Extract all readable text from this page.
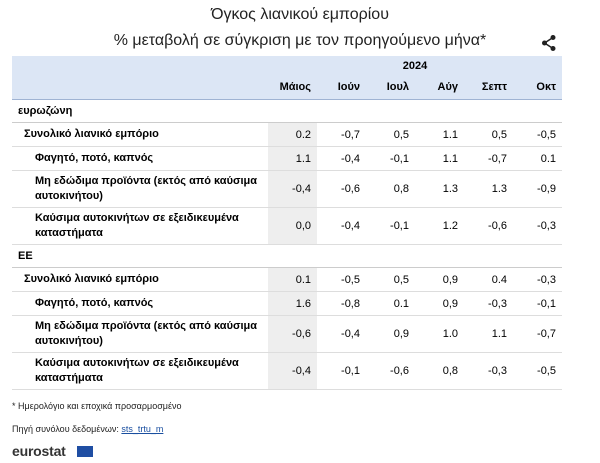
Όγκος λιανικού εμπορίου
% μεταβολή σε σύγκριση με τον προηγούμενο μήνα*
	2024					
	Μάιος	Ιούν	Ιουλ	Αύγ	Σεπτ	Οκτ
ευρωζώνη						
Συνολικό λιανικό εμπόριο	0.2	-0,7	0,5	1.1	0,5	-0,5
Φαγητό, ποτό, καπνός	1.1	-0,4	-0,1	1.1	-0,7	0.1
Μη εδώδιμα προϊόντα (εκτός από καύσιμα αυτοκινήτου)	-0,4	-0,6	0,8	1.3	1.3	-0,9
Καύσιμα αυτοκινήτων σε εξειδικευμένα καταστήματα	0,0	-0,4	-0,1	1.2	-0,6	-0,3
ΕΕ						
Συνολικό λιανικό εμπόριο	0.1	-0,5	0,5	0,9	0.4	-0,3
Φαγητό, ποτό, καπνός	1.6	-0,8	0.1	0,9	-0,3	-0,1
Μη εδώδιμα προϊόντα (εκτός από καύσιμα αυτοκινήτου)	-0,6	-0,4	0,9	1.0	1.1	-0,7
Καύσιμα αυτοκινήτων σε εξειδικευμένα καταστήματα	-0,4	-0,1	-0,6	0,8	-0,3	-0,5
* Ημερολόγιο και εποχικά προσαρμοσμένο
Πηγή συνόλου δεδομένων: sts_trtu_m
eurostat
